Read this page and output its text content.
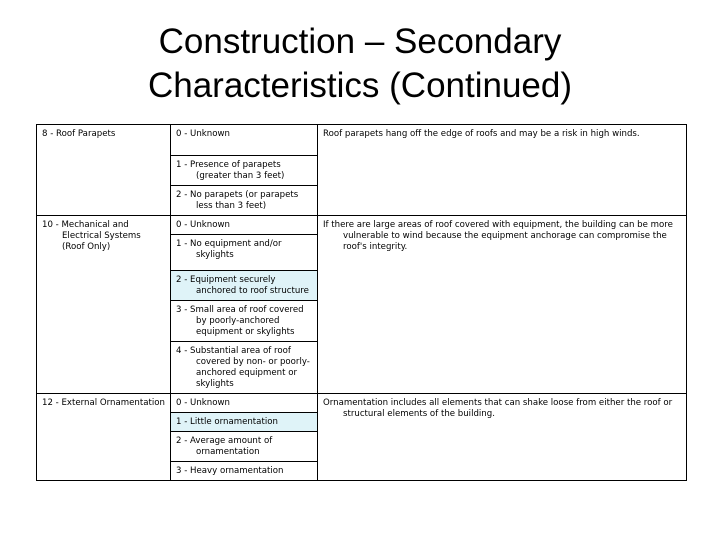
Construction – Secondary
Characteristics (Continued)
8 - Roof Parapets	0 - Unknown	Roof parapets hang off the edge of roofs and may be a risk in high winds.
	1 - Presence of parapets (greater than 3 feet)	
	2 - No parapets (or parapets less than 3 feet)	
10 - Mechanical and Electrical Systems (Roof Only)	0 - Unknown	If there are large areas of roof covered with equipment, the building can be more vulnerable to wind because the equipment anchorage can compromise the roof's integrity.
	1 - No equipment and/or skylights	
	2 - Equipment securely anchored to roof structure	
	3 - Small area of roof covered by poorly-anchored equipment or skylights	
	4 - Substantial area of roof covered by non- or poorly-anchored equipment or skylights	
12 - External Ornamentation	0 - Unknown	Ornamentation includes all elements that can shake loose from either the roof or structural elements of the building.
	1 - Little ornamentation	
	2 - Average amount of ornamentation	
	3 - Heavy ornamentation	
